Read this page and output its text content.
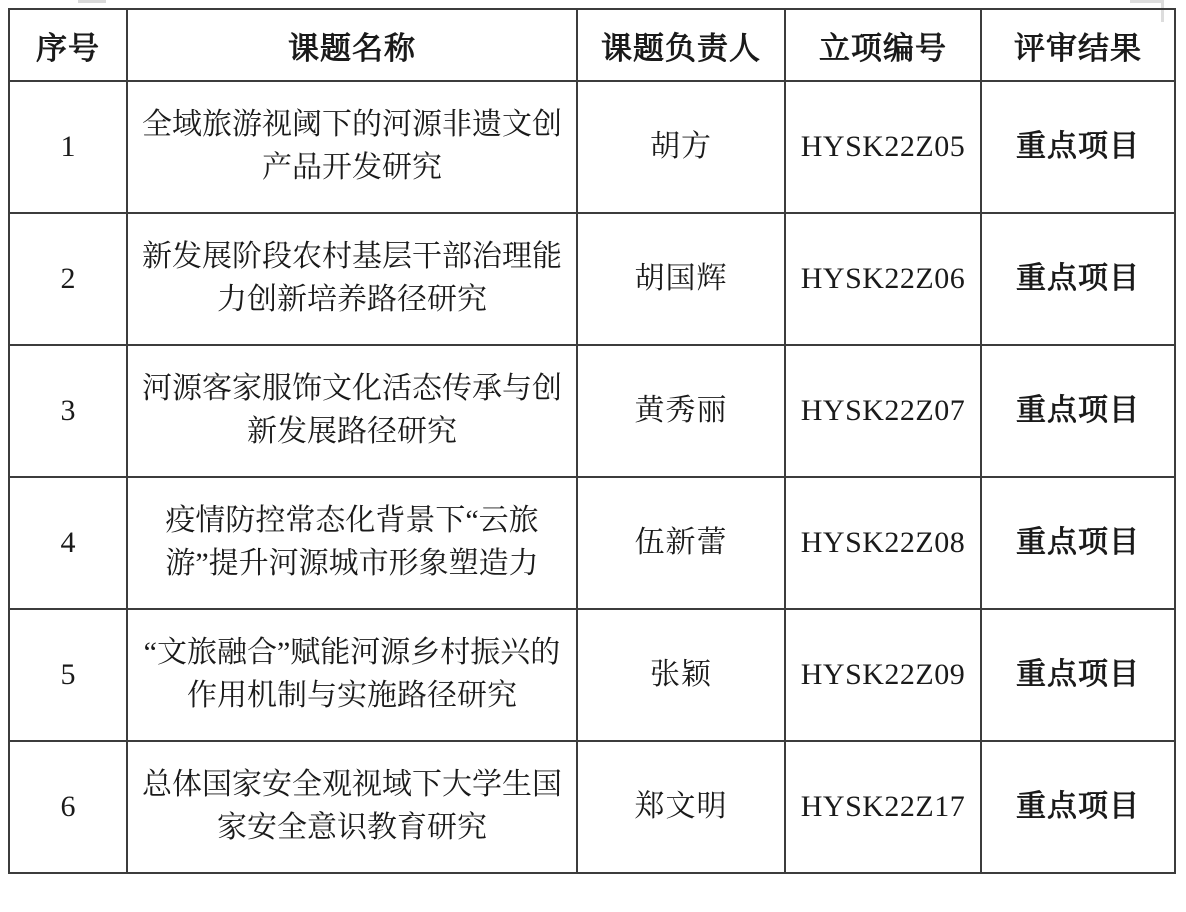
序号	课题名称	课题负责人	立项编号	评审结果
1	全域旅游视阈下的河源非遗文创产品开发研究	胡方	HYSK22Z05	重点项目
2	新发展阶段农村基层干部治理能力创新培养路径研究	胡国辉	HYSK22Z06	重点项目
3	河源客家服饰文化活态传承与创新发展路径研究	黄秀丽	HYSK22Z07	重点项目
4	疫情防控常态化背景下“云旅游”提升河源城市形象塑造力	伍新蕾	HYSK22Z08	重点项目
5	“文旅融合”赋能河源乡村振兴的作用机制与实施路径研究	张颖	HYSK22Z09	重点项目
6	总体国家安全观视域下大学生国家安全意识教育研究	郑文明	HYSK22Z17	重点项目
